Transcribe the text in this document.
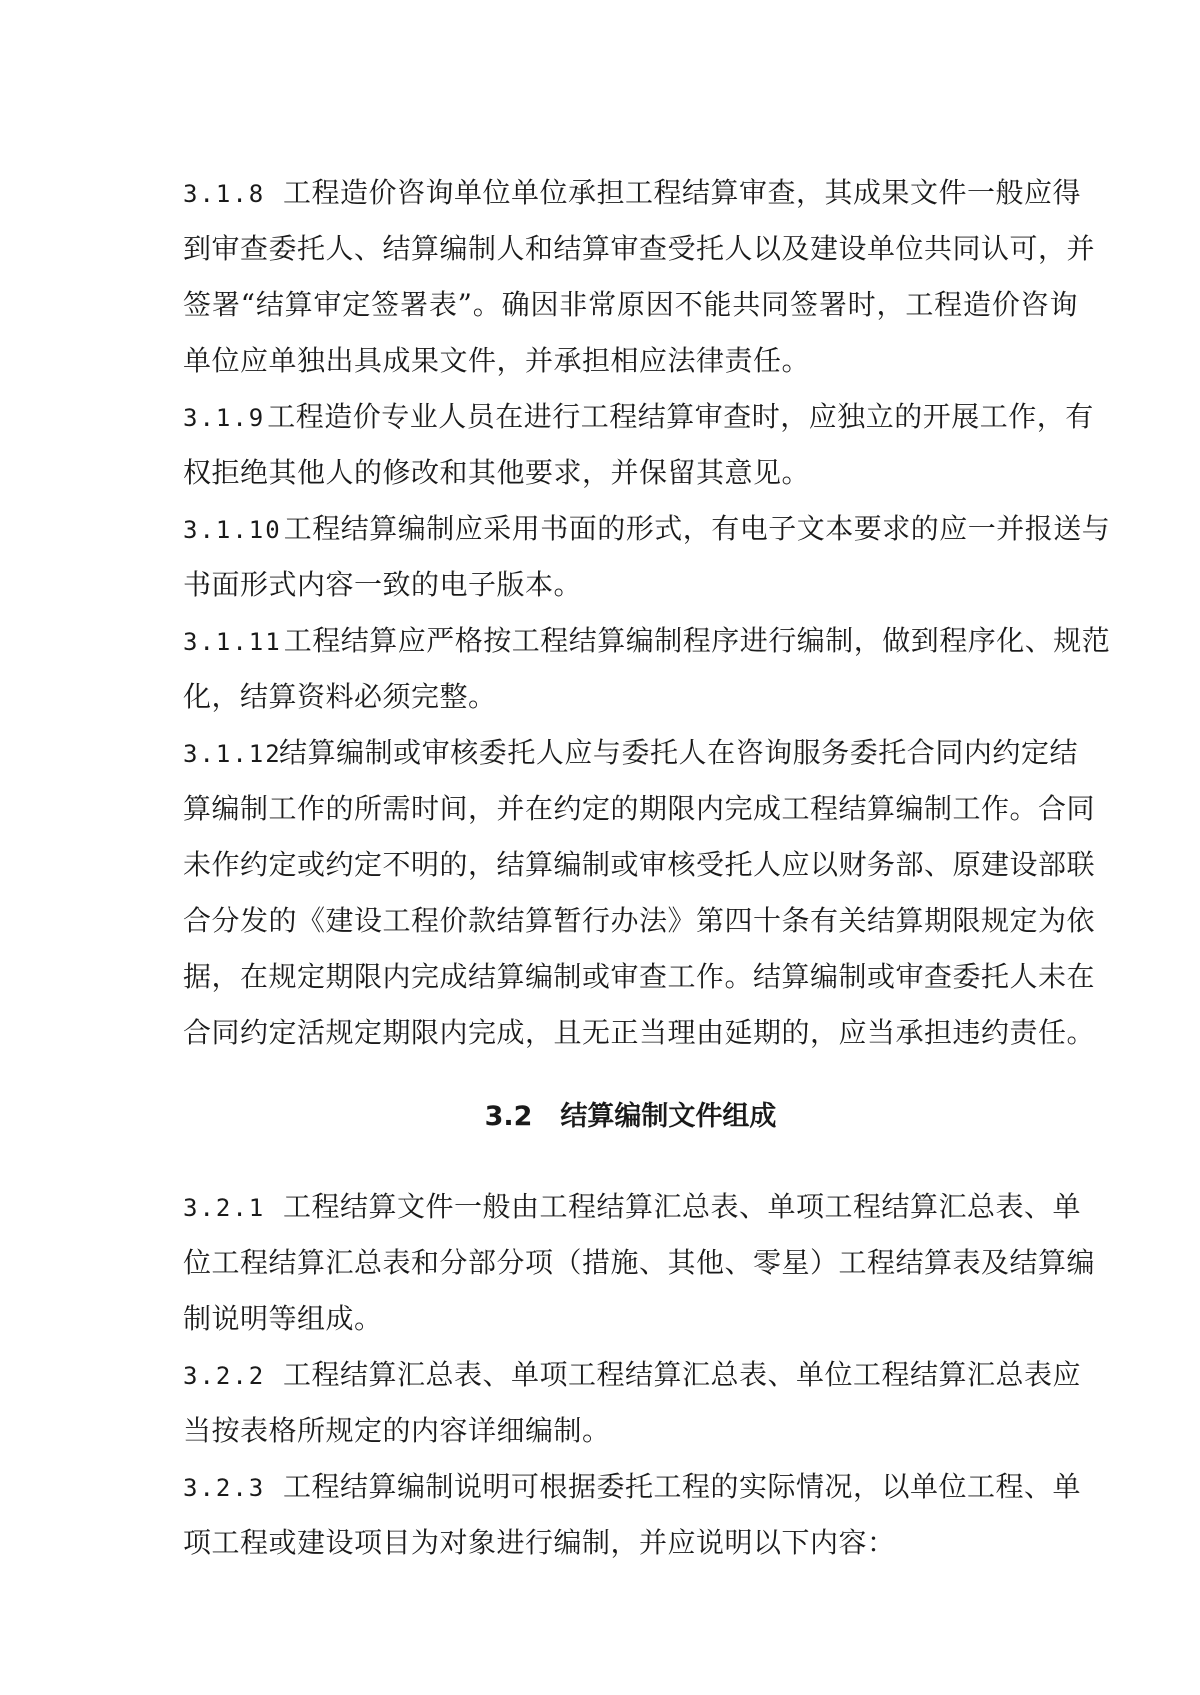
3.1.8 工程造价咨询单位单位承担工程结算审查，其成果文件一般应得
到审查委托人、结算编制人和结算审查受托人以及建设单位共同认可，并
签署“结算审定签署表”。确因非常原因不能共同签署时，工程造价咨询
单位应单独出具成果文件，并承担相应法律责任。
3.1.9工程造价专业人员在进行工程结算审查时，应独立的开展工作，有
权拒绝其他人的修改和其他要求，并保留其意见。
3.1.10工程结算编制应采用书面的形式，有电子文本要求的应一并报送与
书面形式内容一致的电子版本。
3.1.11工程结算应严格按工程结算编制程序进行编制，做到程序化、规范
化，结算资料必须完整。
3.1.12结算编制或审核委托人应与委托人在咨询服务委托合同内约定结
算编制工作的所需时间，并在约定的期限内完成工程结算编制工作。合同
未作约定或约定不明的，结算编制或审核受托人应以财务部、原建设部联
合分发的《建设工程价款结算暂行办法》第四十条有关结算期限规定为依
据，在规定期限内完成结算编制或审查工作。结算编制或审查委托人未在
合同约定活规定期限内完成，且无正当理由延期的，应当承担违约责任。
3.2 结算编制文件组成
3.2.1 工程结算文件一般由工程结算汇总表、单项工程结算汇总表、单
位工程结算汇总表和分部分项（措施、其他、零星）工程结算表及结算编
制说明等组成。
3.2.2 工程结算汇总表、单项工程结算汇总表、单位工程结算汇总表应
当按表格所规定的内容详细编制。
3.2.3 工程结算编制说明可根据委托工程的实际情况，以单位工程、单
项工程或建设项目为对象进行编制，并应说明以下内容：
